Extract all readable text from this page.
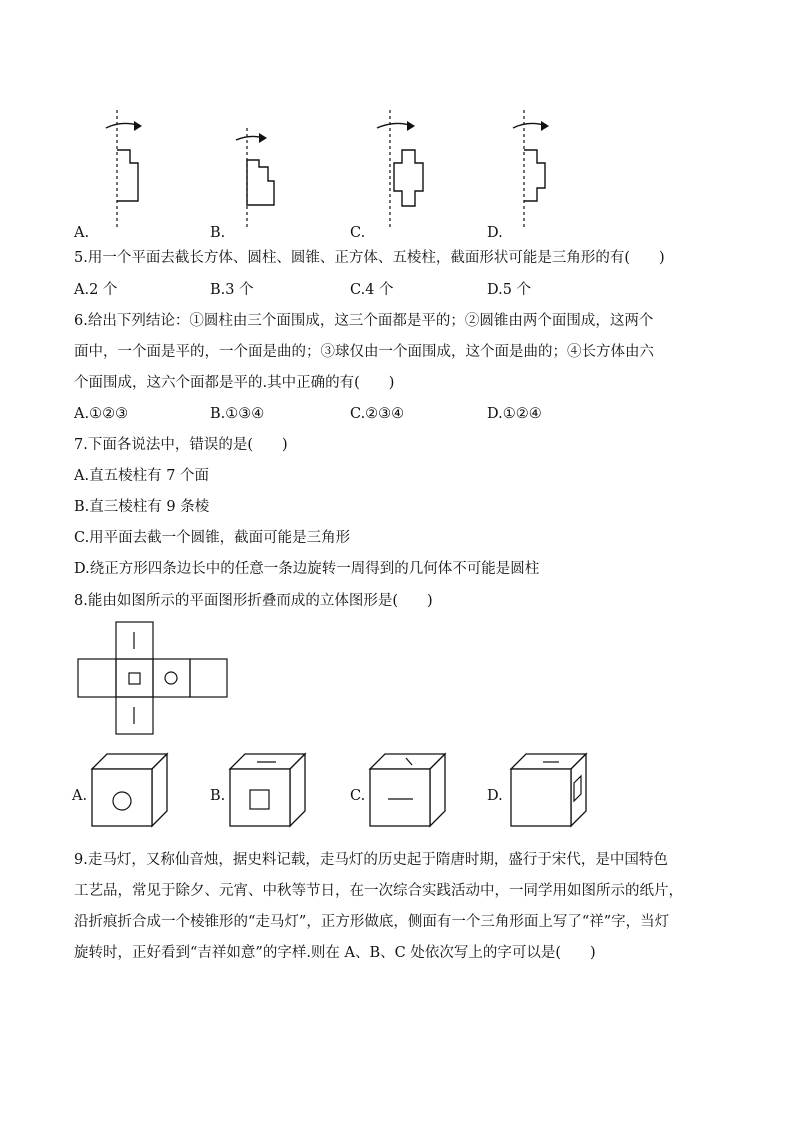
A.	B.	C.	D.
5.用一个平面去截长方体、圆柱、圆锥、正方体、五棱柱，截面形状可能是三角形的有(　　)
A.2 个	B.3 个	C.4 个	D.5 个
6.给出下列结论：①圆柱由三个面围成，这三个面都是平的；②圆锥由两个面围成，这两个
面中，一个面是平的，一个面是曲的；③球仅由一个面围成，这个面是曲的；④长方体由六
个面围成，这六个面都是平的.其中正确的有(　　)
A.①②③	B.①③④	C.②③④	D.①②④
7.下面各说法中，错误的是(　　)
A.直五棱柱有 7 个面
B.直三棱柱有 9 条棱
C.用平面去截一个圆锥，截面可能是三角形
D.绕正方形四条边长中的任意一条边旋转一周得到的几何体不可能是圆柱
8.能由如图所示的平面图形折叠而成的立体图形是(　　)
A.	B.	C.	D.
9.走马灯，又称仙音烛，据史料记载，走马灯的历史起于隋唐时期，盛行于宋代，是中国特色
工艺品，常见于除夕、元宵、中秋等节日，在一次综合实践活动中，一同学用如图所示的纸片，
沿折痕折合成一个棱锥形的“走马灯”，正方形做底，侧面有一个三角形面上写了“祥”字，当灯
旋转时，正好看到“吉祥如意”的字样.则在 A、B、C 处依次写上的字可以是(　　)
